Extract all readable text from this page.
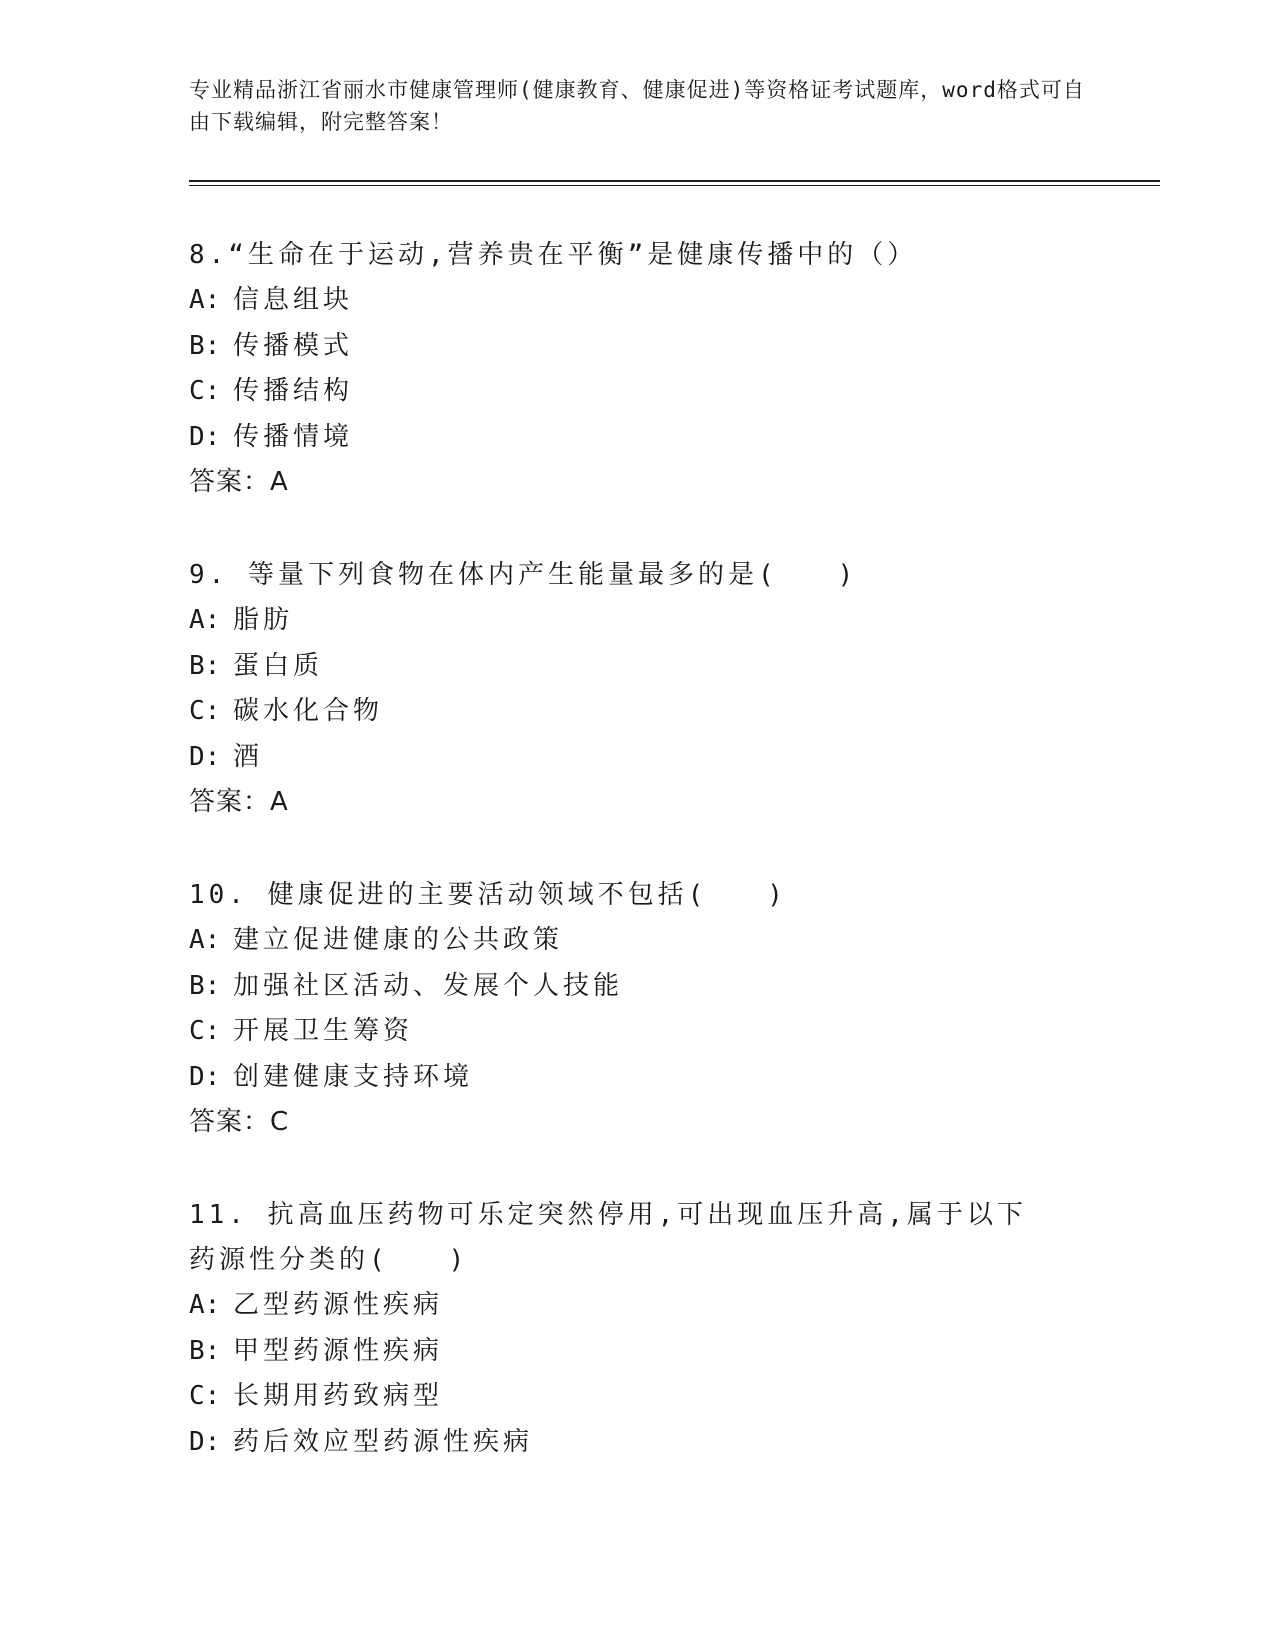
专业精品浙江省丽水市健康管理师(健康教育、健康促进)等资格证考试题库，word格式可自由下载编辑，附完整答案！

8.“生命在于运动,营养贵在平衡”是健康传播中的（）

A: 信息组块

B: 传播模式

C: 传播结构

D: 传播情境

答案：A

9. 等量下列食物在体内产生能量最多的是(　　)

A: 脂肪

B: 蛋白质

C: 碳水化合物

D: 酒

答案：A

10. 健康促进的主要活动领域不包括(　　)

A: 建立促进健康的公共政策

B: 加强社区活动、发展个人技能

C: 开展卫生筹资

D: 创建健康支持环境

答案：C

11. 抗高血压药物可乐定突然停用,可出现血压升高,属于以下药源性分类的(　　)

A: 乙型药源性疾病

B: 甲型药源性疾病

C: 长期用药致病型

D: 药后效应型药源性疾病
